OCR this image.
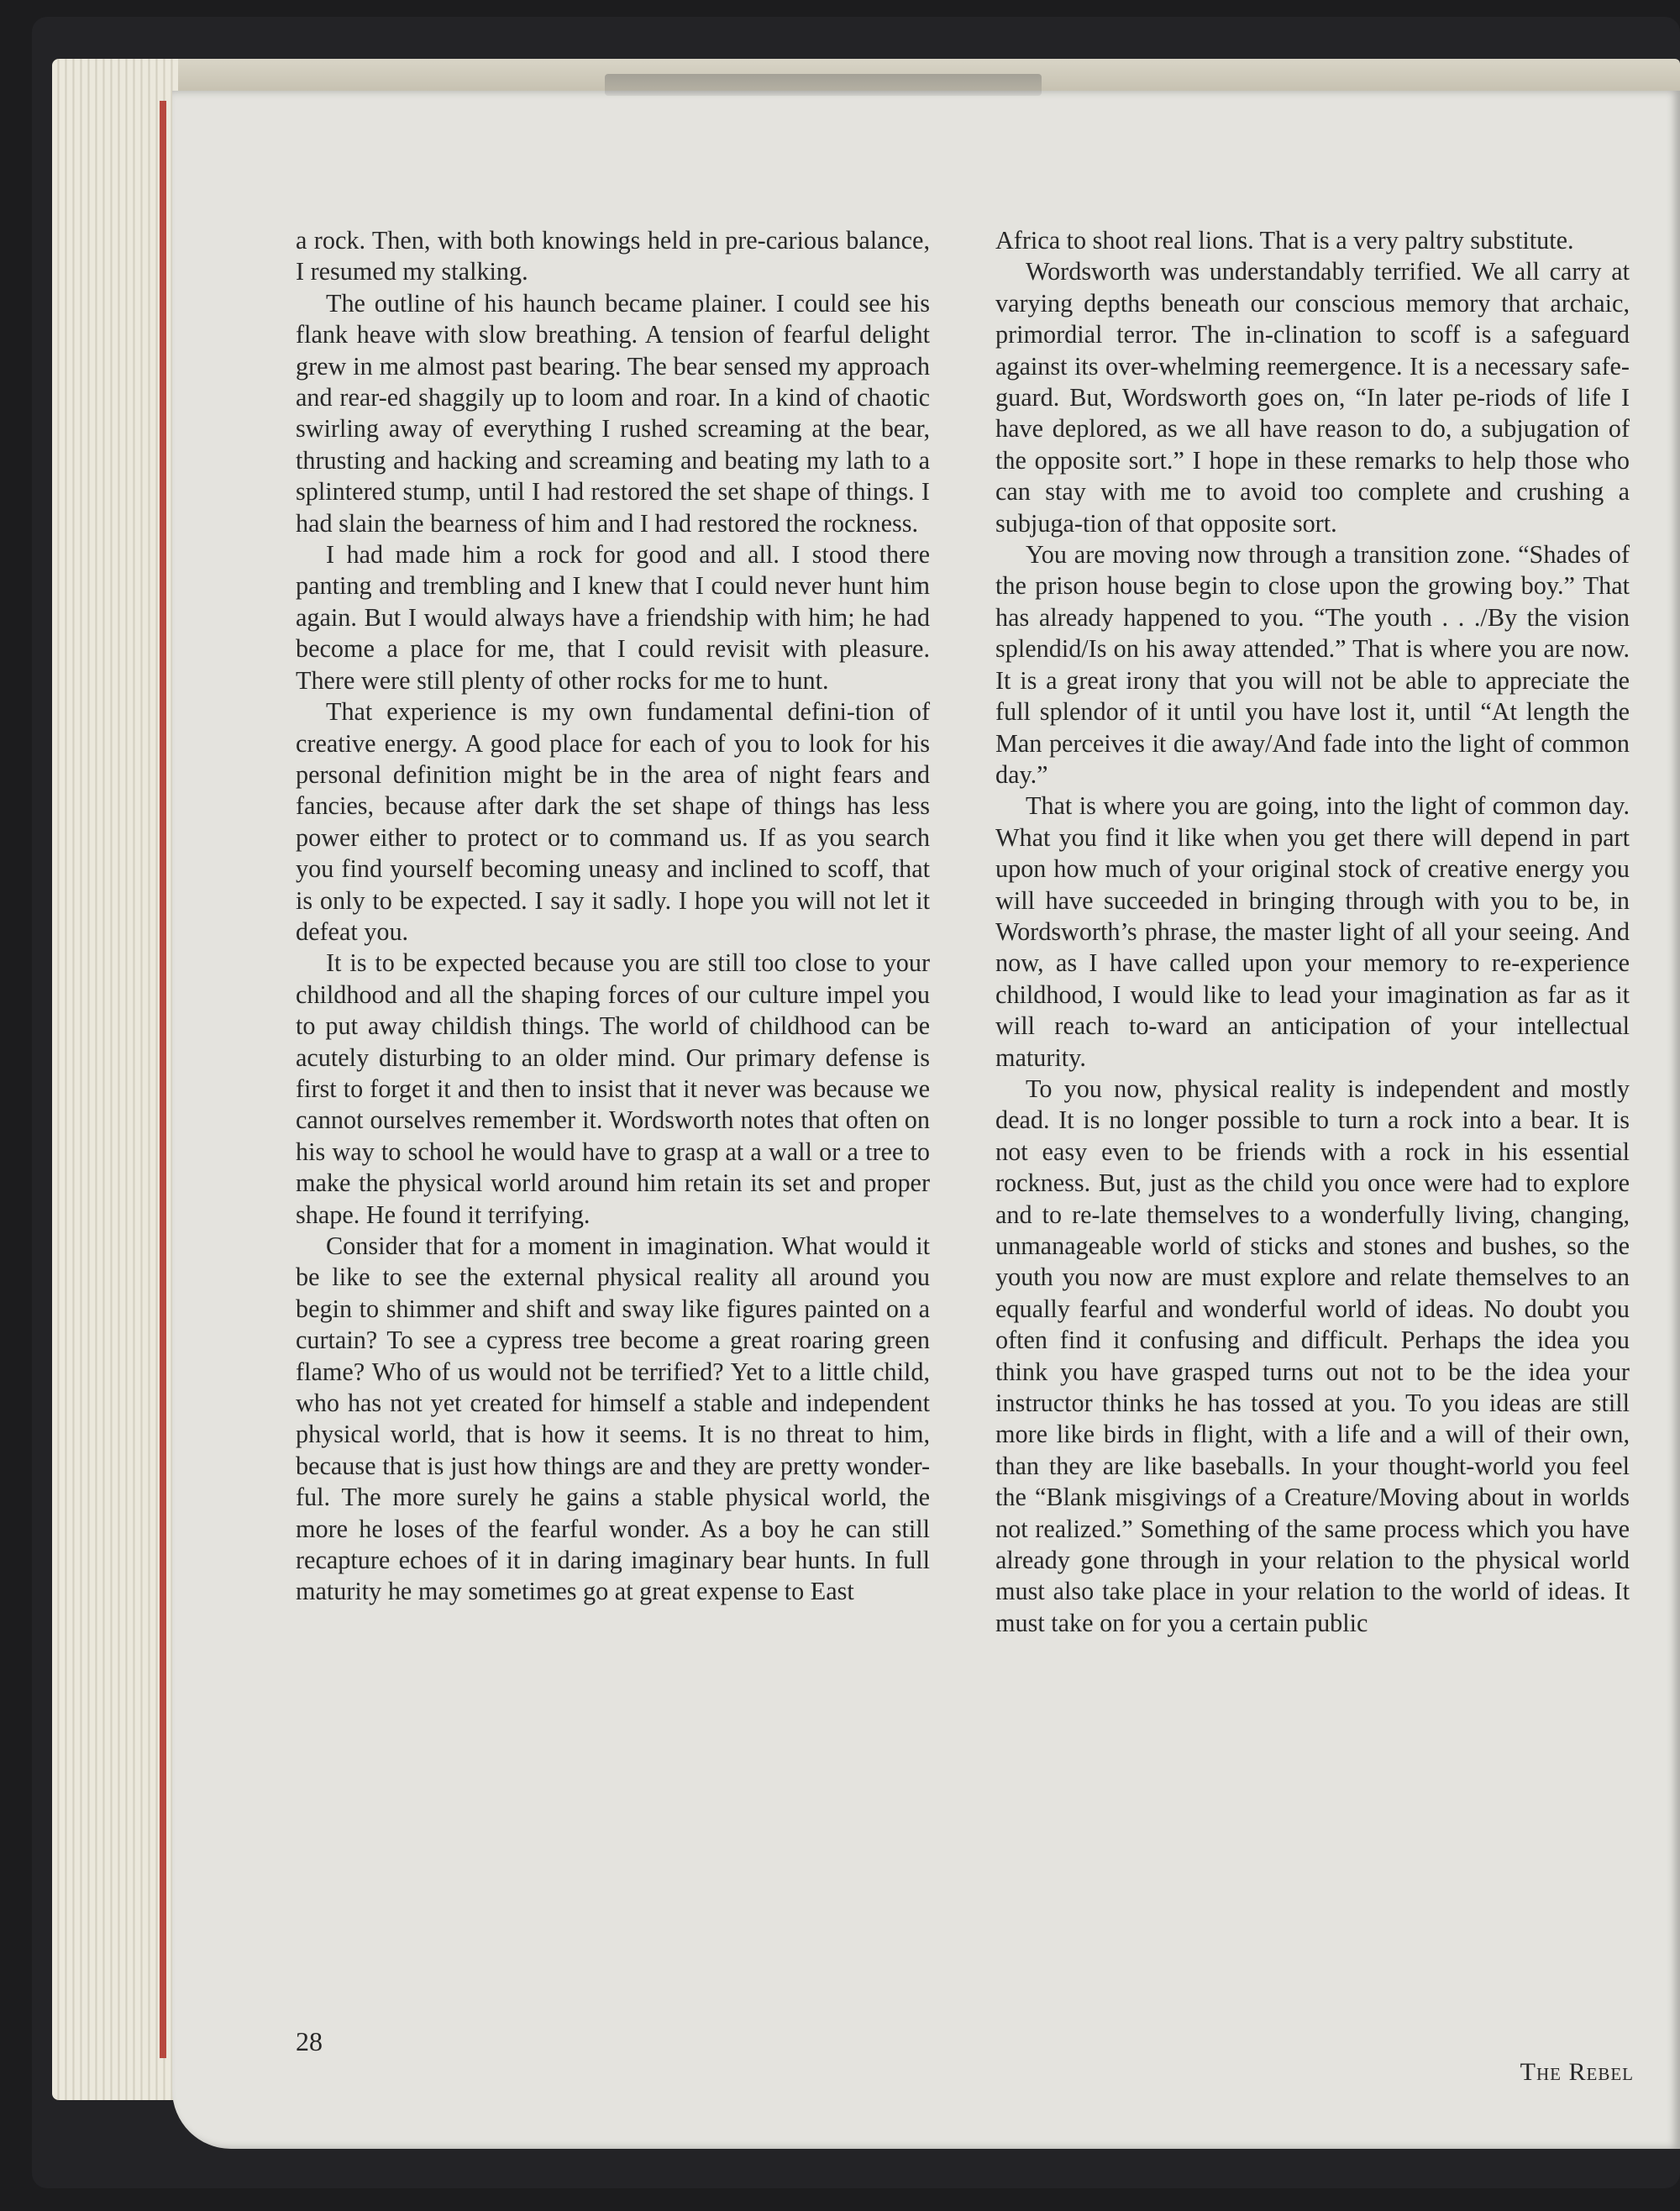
a rock. Then, with both knowings held in pre-carious balance, I resumed my stalking.

The outline of his haunch became plainer. I could see his flank heave with slow breathing. A tension of fearful delight grew in me almost past bearing. The bear sensed my approach and rear-ed shaggily up to loom and roar. In a kind of chaotic swirling away of everything I rushed screaming at the bear, thrusting and hacking and screaming and beating my lath to a splintered stump, until I had restored the set shape of things. I had slain the bearness of him and I had restored the rockness.

I had made him a rock for good and all. I stood there panting and trembling and I knew that I could never hunt him again. But I would always have a friendship with him; he had become a place for me, that I could revisit with pleasure. There were still plenty of other rocks for me to hunt.

That experience is my own fundamental defini-tion of creative energy. A good place for each of you to look for his personal definition might be in the area of night fears and fancies, because after dark the set shape of things has less power either to protect or to command us. If as you search you find yourself becoming uneasy and inclined to scoff, that is only to be expected. I say it sadly. I hope you will not let it defeat you.

It is to be expected because you are still too close to your childhood and all the shaping forces of our culture impel you to put away childish things. The world of childhood can be acutely disturbing to an older mind. Our primary defense is first to forget it and then to insist that it never was because we cannot ourselves remember it. Wordsworth notes that often on his way to school he would have to grasp at a wall or a tree to make the physical world around him retain its set and proper shape. He found it terrifying.

Consider that for a moment in imagination. What would it be like to see the external physical reality all around you begin to shimmer and shift and sway like figures painted on a curtain? To see a cypress tree become a great roaring green flame? Who of us would not be terrified? Yet to a little child, who has not yet created for himself a stable and independent physical world, that is how it seems. It is no threat to him, because that is just how things are and they are pretty wonder-ful. The more surely he gains a stable physical world, the more he loses of the fearful wonder. As a boy he can still recapture echoes of it in daring imaginary bear hunts. In full maturity he may sometimes go at great expense to East

Africa to shoot real lions. That is a very paltry substitute.

Wordsworth was understandably terrified. We all carry at varying depths beneath our conscious memory that archaic, primordial terror. The in-clination to scoff is a safeguard against its over-whelming reemergence. It is a necessary safe-guard. But, Wordsworth goes on, “In later pe-riods of life I have deplored, as we all have reason to do, a subjugation of the opposite sort.” I hope in these remarks to help those who can stay with me to avoid too complete and crushing a subjuga-tion of that opposite sort.

You are moving now through a transition zone. “Shades of the prison house begin to close upon the growing boy.” That has already happened to you. “The youth . . ./By the vision splendid/Is on his away attended.” That is where you are now. It is a great irony that you will not be able to appreciate the full splendor of it until you have lost it, until “At length the Man perceives it die away/And fade into the light of common day.”

That is where you are going, into the light of common day. What you find it like when you get there will depend in part upon how much of your original stock of creative energy you will have succeeded in bringing through with you to be, in Wordsworth’s phrase, the master light of all your seeing. And now, as I have called upon your memory to re-experience childhood, I would like to lead your imagination as far as it will reach to-ward an anticipation of your intellectual maturity.

To you now, physical reality is independent and mostly dead. It is no longer possible to turn a rock into a bear. It is not easy even to be friends with a rock in his essential rockness. But, just as the child you once were had to explore and to re-late themselves to a wonderfully living, changing, unmanageable world of sticks and stones and bushes, so the youth you now are must explore and relate themselves to an equally fearful and wonderful world of ideas. No doubt you often find it confusing and difficult. Perhaps the idea you think you have grasped turns out not to be the idea your instructor thinks he has tossed at you. To you ideas are still more like birds in flight, with a life and a will of their own, than they are like baseballs. In your thought-world you feel the “Blank misgivings of a Creature/Moving about in worlds not realized.” Something of the same process which you have already gone through in your relation to the physical world must also take place in your relation to the world of ideas. It must take on for you a certain public

28
The Rebel
